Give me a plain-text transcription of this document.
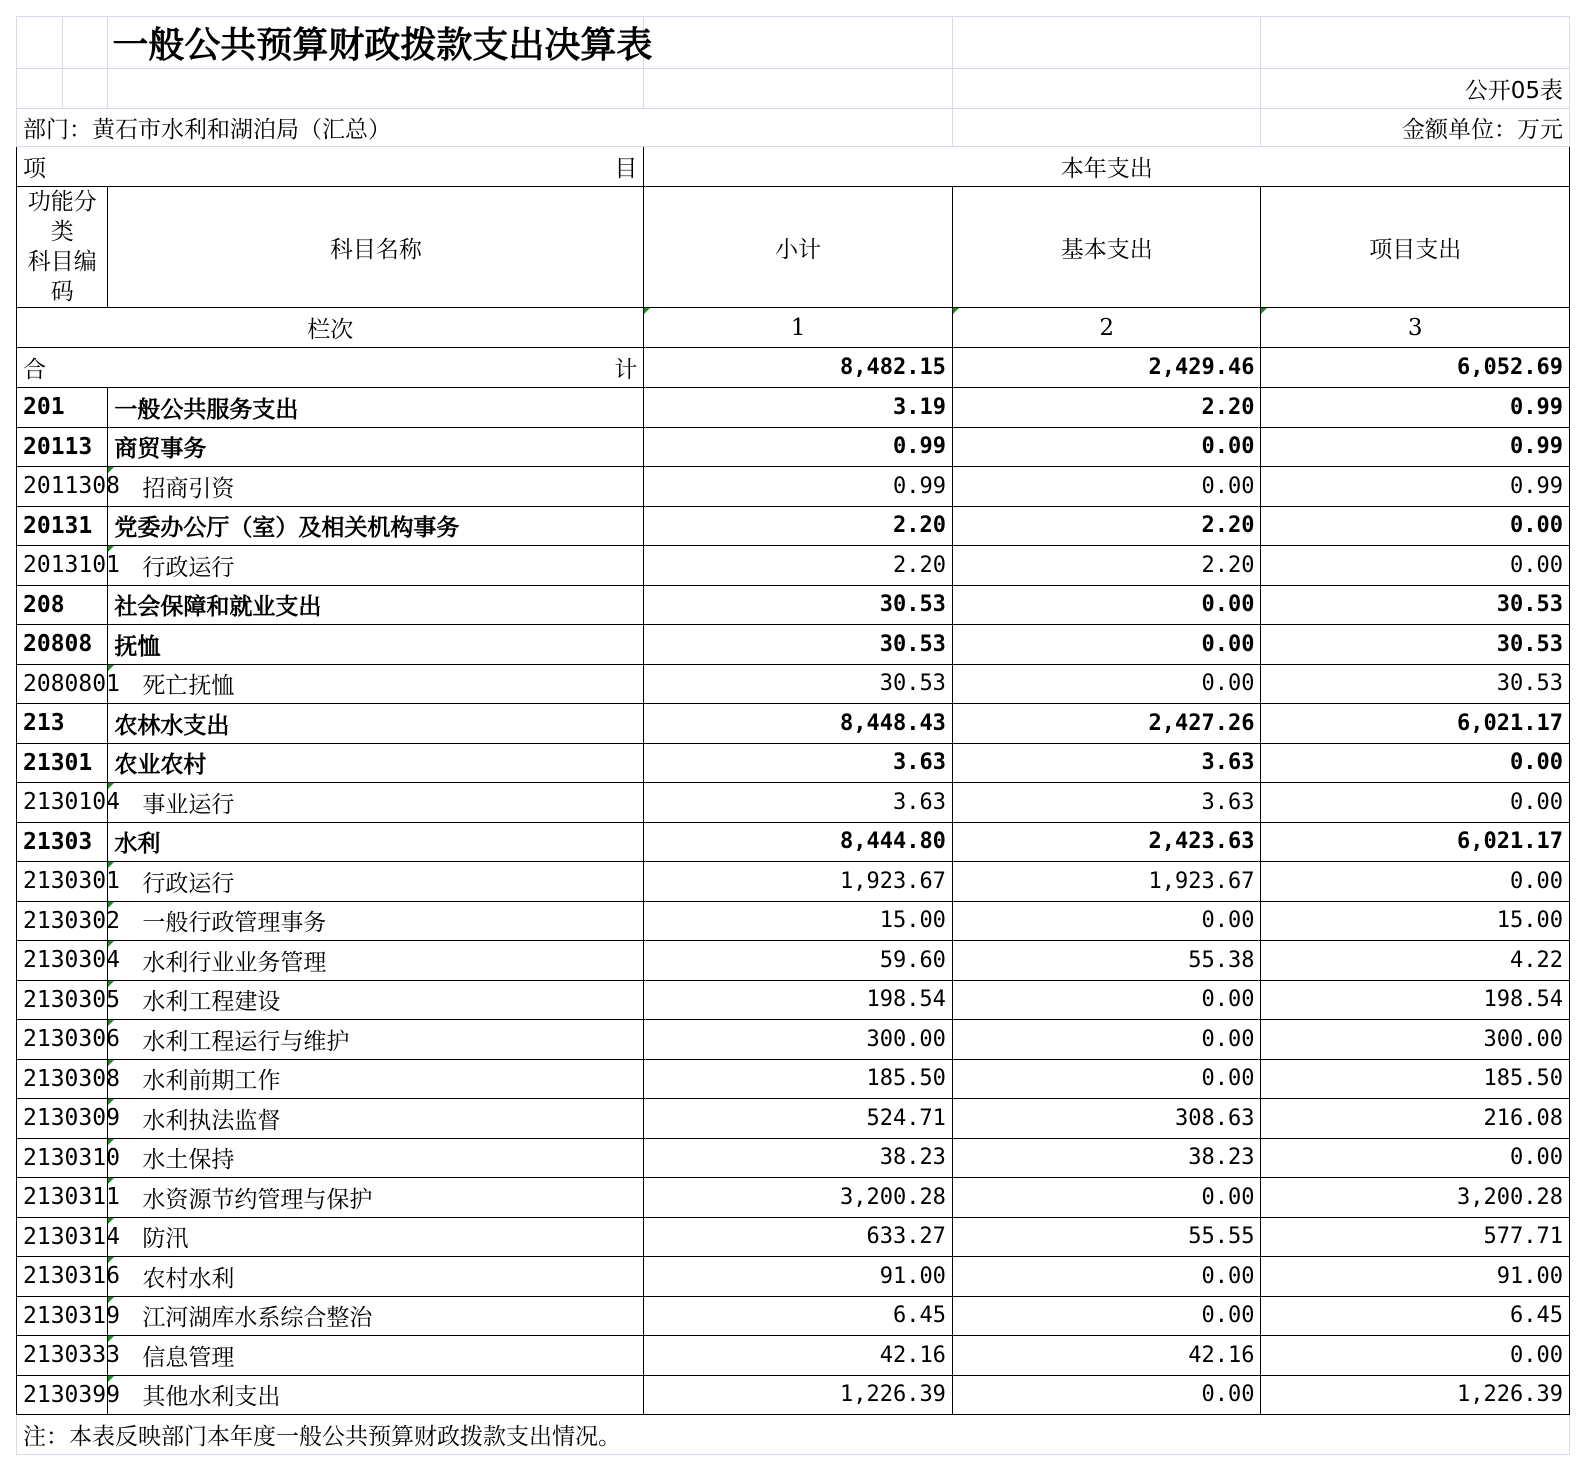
		一般公共预算财政拨款支出决算表			
					公开05表
部门：黄石市水利和湖泊局（汇总）					金额单位：万元
项 目			本年支出		
功能分类
科目编码		科目名称	小计	基本支出	项目支出
栏次			1	2	3
合 计			8,482.15	2,429.46	6,052.69
201		一般公共服务支出	3.19	2.20	0.99
20113		商贸事务	0.99	0.00	0.99
2011308		招商引资	0.99	0.00	0.99
20131		党委办公厅（室）及相关机构事务	2.20	2.20	0.00
2013101		行政运行	2.20	2.20	0.00
208		社会保障和就业支出	30.53	0.00	30.53
20808		抚恤	30.53	0.00	30.53
2080801		死亡抚恤	30.53	0.00	30.53
213		农林水支出	8,448.43	2,427.26	6,021.17
21301		农业农村	3.63	3.63	0.00
2130104		事业运行	3.63	3.63	0.00
21303		水利	8,444.80	2,423.63	6,021.17
2130301		行政运行	1,923.67	1,923.67	0.00
2130302		一般行政管理事务	15.00	0.00	15.00
2130304		水利行业业务管理	59.60	55.38	4.22
2130305		水利工程建设	198.54	0.00	198.54
2130306		水利工程运行与维护	300.00	0.00	300.00
2130308		水利前期工作	185.50	0.00	185.50
2130309		水利执法监督	524.71	308.63	216.08
2130310		水土保持	38.23	38.23	0.00
2130311		水资源节约管理与保护	3,200.28	0.00	3,200.28
2130314		防汛	633.27	55.55	577.71
2130316		农村水利	91.00	0.00	91.00
2130319		江河湖库水系综合整治	6.45	0.00	6.45
2130333		信息管理	42.16	42.16	0.00
2130399		其他水利支出	1,226.39	0.00	1,226.39
注：本表反映部门本年度一般公共预算财政拨款支出情况。					
